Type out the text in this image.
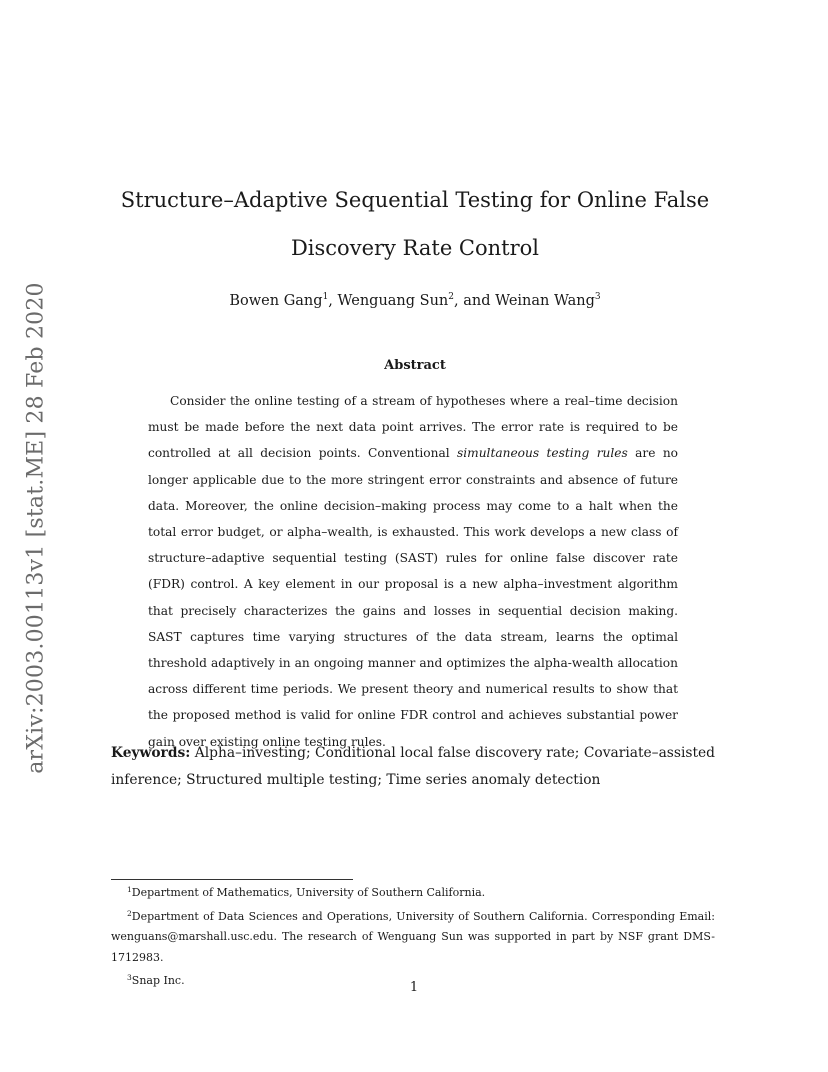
arXiv:2003.00113v1 [stat.ME] 28 Feb 2020
Structure–Adaptive Sequential Testing for Online False
Discovery Rate Control
Bowen Gang$^1$, Wenguang Sun$^2$, and Weinan Wang$^3$
Abstract

Consider the online testing of a stream of hypotheses where a real–time decision must be made before the next data point arrives. The error rate is required to be controlled at all decision points. Conventional simultaneous testing rules are no longer applicable due to the more stringent error constraints and absence of future data. Moreover, the online decision–making process may come to a halt when the total error budget, or alpha–wealth, is exhausted. This work develops a new class of structure–adaptive sequential testing (SAST) rules for online false discover rate (FDR) control. A key element in our proposal is a new alpha–investment algorithm that precisely characterizes the gains and losses in sequential decision making. SAST captures time varying structures of the data stream, learns the optimal threshold adaptively in an ongoing manner and optimizes the alpha-wealth allocation across different time periods. We present theory and numerical results to show that the proposed method is valid for online FDR control and achieves substantial power gain over existing online testing rules.

Keywords: Alpha–investing; Conditional local false discovery rate; Covariate–assisted inference; Structured multiple testing; Time series anomaly detection

$^1$Department of Mathematics, University of Southern California.
$^2$Department of Data Sciences and Operations, University of Southern California. Corresponding Email: wenguans@marshall.usc.edu. The research of Wenguang Sun was supported in part by NSF grant DMS-1712983.
$^3$Snap Inc.	1
